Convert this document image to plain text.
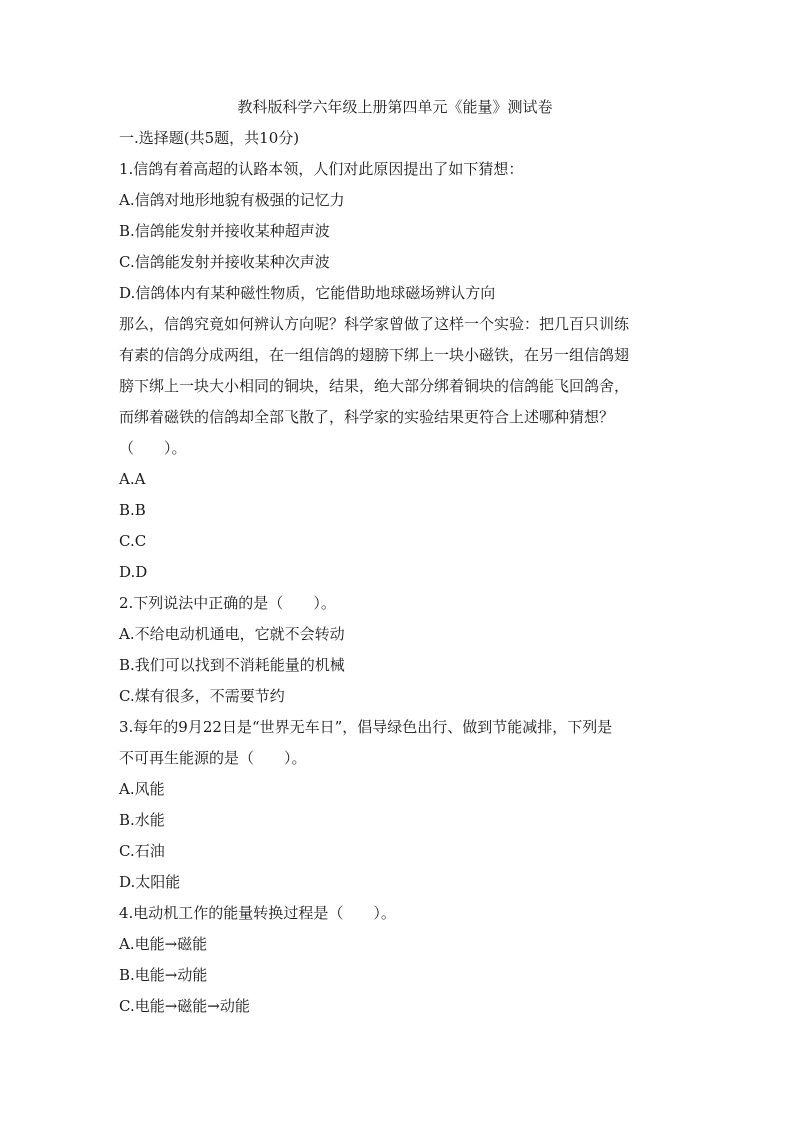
教科版科学六年级上册第四单元《能量》测试卷
一.选择题(共5题，共10分)
1.信鸽有着高超的认路本领，人们对此原因提出了如下猜想：
A.信鸽对地形地貌有极强的记忆力
B.信鸽能发射并接收某种超声波
C.信鸽能发射并接收某种次声波
D.信鸽体内有某种磁性物质，它能借助地球磁场辨认方向
那么，信鸽究竟如何辨认方向呢？科学家曾做了这样一个实验：把几百只训练
有素的信鸽分成两组，在一组信鸽的翅膀下绑上一块小磁铁，在另一组信鸽翅
膀下绑上一块大小相同的铜块，结果，绝大部分绑着铜块的信鸽能飞回鸽舍，
而绑着磁铁的信鸽却全部飞散了，科学家的实验结果更符合上述哪种猜想？
（　　）。
A.A
B.B
C.C
D.D
2.下列说法中正确的是（　　）。
A.不给电动机通电，它就不会转动
B.我们可以找到不消耗能量的机械
C.煤有很多，不需要节约
3.每年的9月22日是“世界无车日”，倡导绿色出行、做到节能减排，下列是
不可再生能源的是（　　）。
A.风能
B.水能
C.石油
D.太阳能
4.电动机工作的能量转换过程是（　　）。
A.电能→磁能
B.电能→动能
C.电能→磁能→动能
